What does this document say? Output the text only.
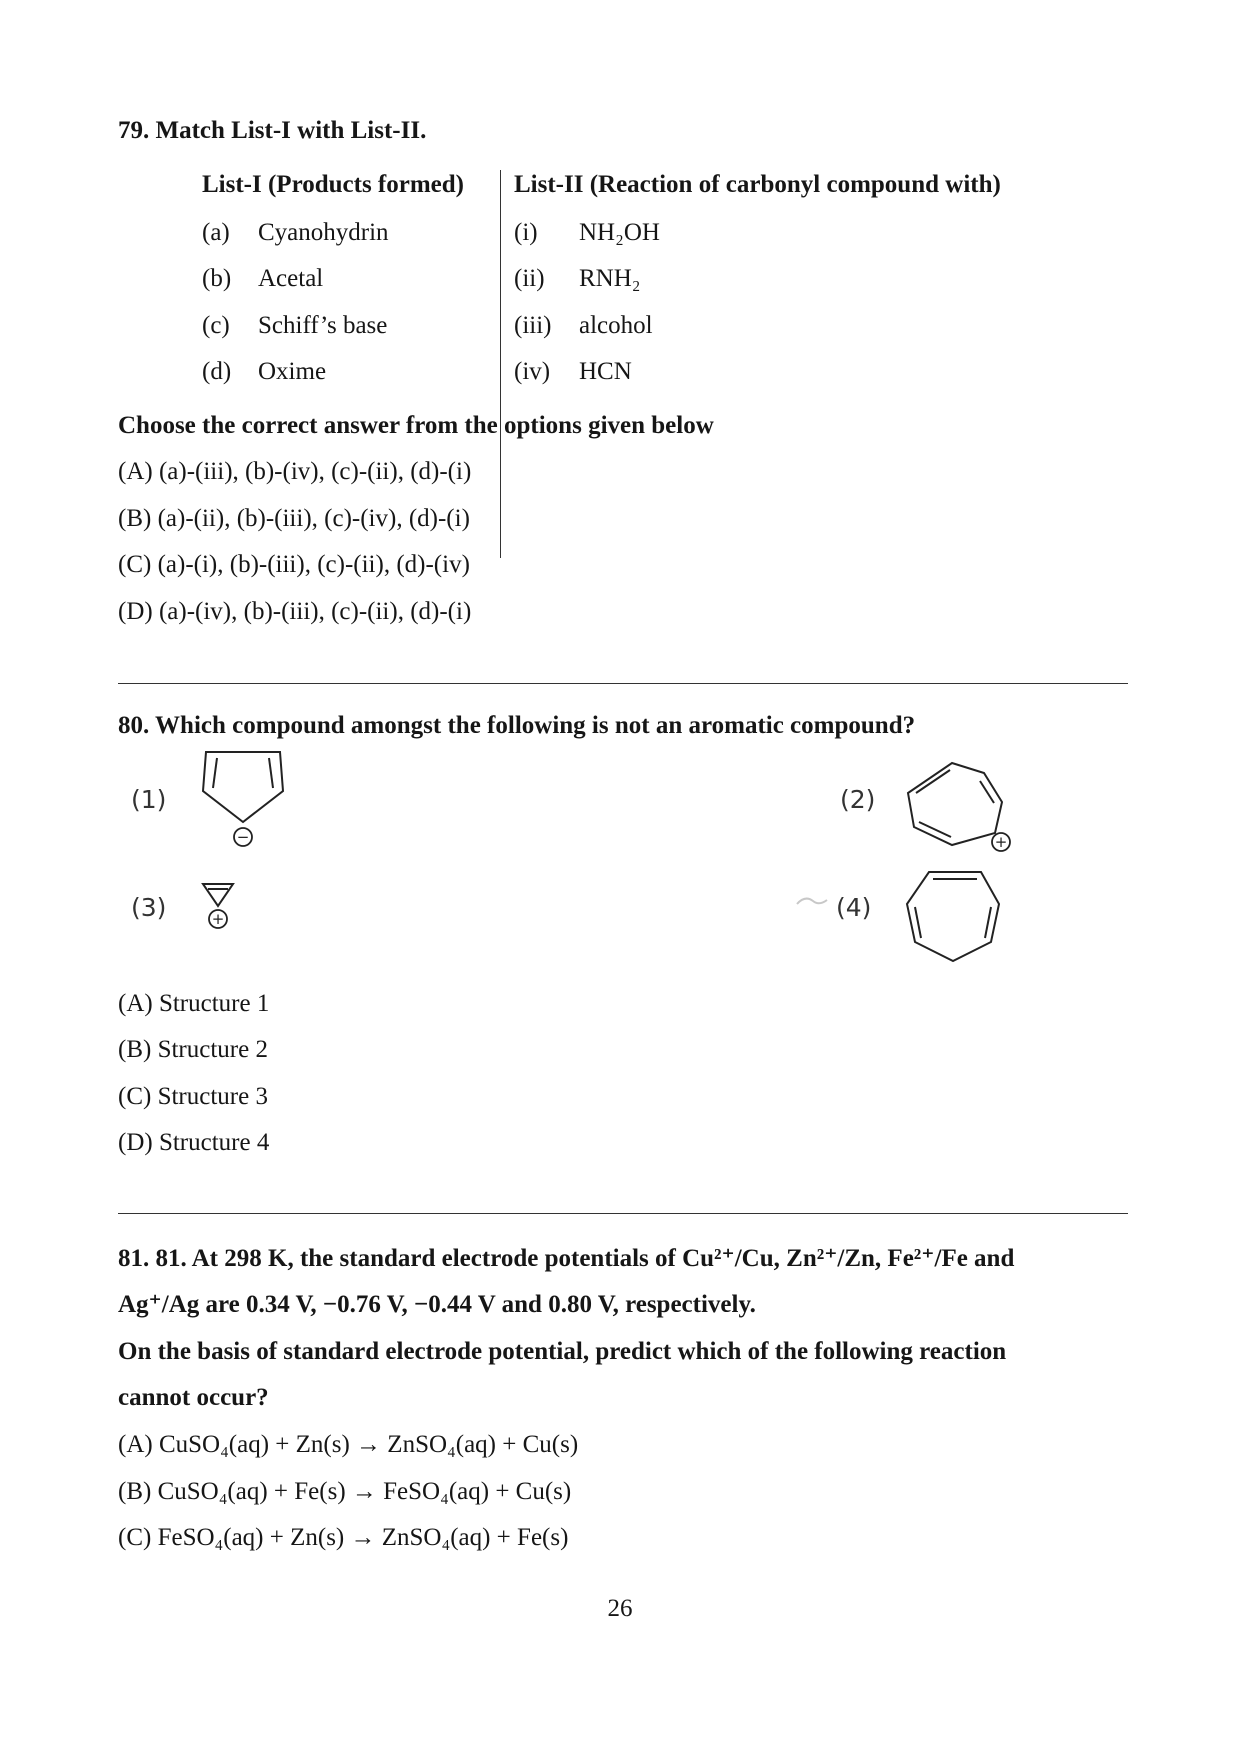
79. Match List-I with List-II.
List-I (Products formed) List-II (Reaction of carbonyl compound with)
(a) Cyanohydrin
(b) Acetal
(c) Schiff’s base
(d) Oxime
(i) NH₂OH
(ii) RNH₂
(iii) alcohol
(iv) HCN
Choose the correct answer from the options given below
(A) (a)-(iii), (b)-(iv), (c)-(ii), (d)-(i)
(B) (a)-(ii), (b)-(iii), (c)-(iv), (d)-(i)
(C) (a)-(i), (b)-(iii), (c)-(ii), (d)-(iv)
(D) (a)-(iv), (b)-(iii), (c)-(ii), (d)-(i)
80. Which compound amongst the following is not an aromatic compound?
(1)
−
(2)
+
(3)	+	(4)
(A) Structure 1
(B) Structure 2
(C) Structure 3
(D) Structure 4
81. 81. At 298 K, the standard electrode potentials of Cu²⁺/Cu, Zn²⁺/Zn, Fe²⁺/Fe and
Ag⁺/Ag are 0.34 V, −0.76 V, −0.44 V and 0.80 V, respectively.
On the basis of standard electrode potential, predict which of the following reaction
cannot occur?
(A) CuSO₄(aq) + Zn(s) → ZnSO₄(aq) + Cu(s)
(B) CuSO₄(aq) + Fe(s) → FeSO₄(aq) + Cu(s)
(C) FeSO₄(aq) + Zn(s) → ZnSO₄(aq) + Fe(s)
26
